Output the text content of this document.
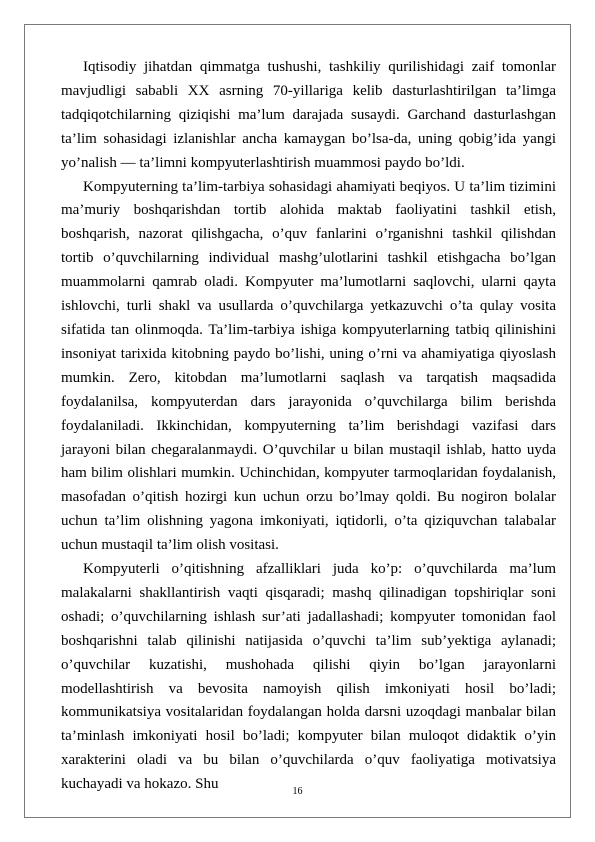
Iqtisodiy jihatdan qimmatga tushushi, tashkiliy qurilishidagi zaif tomonlar mavjudligi sababli XX asrning 70-yillariga kelib dasturlashtirilgan ta’limga tadqiqotchilarning qiziqishi ma’lum darajada susaydi. Garchand dasturlashgan ta’lim sohasidagi izlanishlar ancha kamaygan bo’lsa-da, uning qobig’ida yangi yo’nalish — ta’limni kompyuterlashtirish muammosi paydo bo’ldi.

Kompyuterning ta’lim-tarbiya sohasidagi ahamiyati beqiyos. U ta’lim tizimini ma’muriy boshqarishdan tortib alohida maktab faoliyatini tashkil etish, boshqarish, nazorat qilishgacha, o’quv fanlarini o’rganishni tashkil qilishdan tortib o’quvchilarning individual mashg’ulotlarini tashkil etishgacha bo’lgan muammolarni qamrab oladi. Kompyuter ma’lumotlarni saqlovchi, ularni qayta ishlovchi, turli shakl va usullarda o’quvchilarga yetkazuvchi o’ta qulay vosita sifatida tan olinmoqda. Ta’lim-tarbiya ishiga kompyuterlarning tatbiq qilinishini insoniyat tarixida kitobning paydo bo’lishi, uning o’rni va ahamiyatiga qiyoslash mumkin. Zero, kitobdan ma’lumotlarni saqlash va tarqatish maqsadida foydalanilsa, kompyuterdan dars jarayonida o’quvchilarga bilim berishda foydalaniladi. Ikkinchidan, kompyuterning ta’lim berishdagi vazifasi dars jarayoni bilan chegaralanmaydi. O’quvchilar u bilan mustaqil ishlab, hatto uyda ham bilim olishlari mumkin. Uchinchidan, kompyuter tarmoqlaridan foydalanish, masofadan o’qitish hozirgi kun uchun orzu bo’lmay qoldi. Bu nogiron bolalar uchun ta’lim olishning yagona imkoniyati, iqtidorli, o’ta qiziquvchan talabalar uchun mustaqil ta’lim olish vositasi.

Kompyuterli o’qitishning afzalliklari juda ko’p: o’quvchilarda ma’lum malakalarni shakllantirish vaqti qisqaradi; mashq qilinadigan topshiriqlar soni oshadi; o’quvchilarning ishlash sur’ati jadallashadi; kompyuter tomonidan faol boshqarishni talab qilinishi natijasida o’quvchi ta’lim sub’yektiga aylanadi; o’quvchilar kuzatishi, mushohada qilishi qiyin bo’lgan jarayonlarni modellashtirish va bevosita namoyish qilish imkoniyati hosil bo’ladi; kommunikatsiya vositalaridan foydalangan holda darsni uzoqdagi manbalar bilan ta’minlash imkoniyati hosil bo’ladi; kompyuter bilan muloqot didaktik o’yin xarakterini oladi va bu bilan o’quvchilarda o’quv faoliyatiga motivatsiya kuchayadi va hokazo. Shu	16
